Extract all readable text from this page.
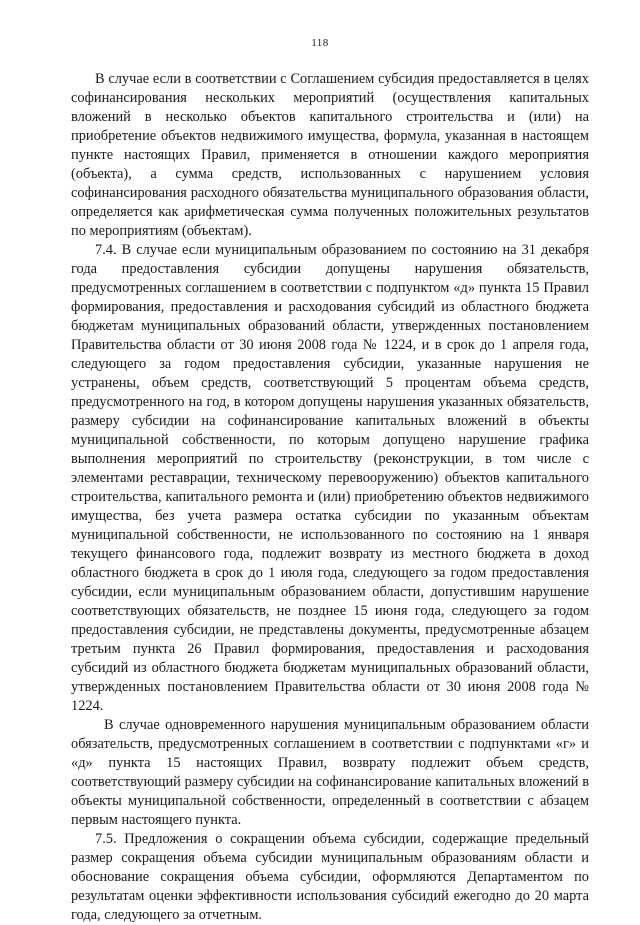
118

В случае если в соответствии с Соглашением субсидия предоставляется в целях софинансирования нескольких мероприятий (осуществления капитальных вложений в несколько объектов капитального строительства и (или) на приобретение объектов недвижимого имущества, формула, указанная в настоящем пункте настоящих Правил, применяется в отношении каждого мероприятия (объекта), а сумма средств, использованных с нарушением условия софинансирования расходного обязательства муниципального образования области, определяется как арифметическая сумма полученных положительных результатов по мероприятиям (объектам).

7.4. В случае если муниципальным образованием по состоянию на 31 декабря года предоставления субсидии допущены нарушения обязательств, предусмотренных соглашением в соответствии с подпунктом «д» пункта 15 Правил формирования, предоставления и расходования субсидий из областного бюджета бюджетам муниципальных образований области, утвержденных постановлением Правительства области от 30 июня 2008 года № 1224, и в срок до 1 апреля года, следующего за годом предоставления субсидии, указанные нарушения не устранены, объем средств, соответствующий 5 процентам объема средств, предусмотренного на год, в котором допущены нарушения указанных обязательств, размеру субсидии на софинансирование капитальных вложений в объекты муниципальной собственности, по которым допущено нарушение графика выполнения мероприятий по строительству (реконструкции, в том числе с элементами реставрации, техническому перевооружению) объектов капитального строительства, капитального ремонта и (или) приобретению объектов недвижимого имущества, без учета размера остатка субсидии по указанным объектам муниципальной собственности, не использованного по состоянию на 1 января текущего финансового года, подлежит возврату из местного бюджета в доход областного бюджета в срок до 1 июля года, следующего за годом предоставления субсидии, если муниципальным образованием области, допустившим нарушение соответствующих обязательств, не позднее 15 июня года, следующего за годом предоставления субсидии, не представлены документы, предусмотренные абзацем третьим пункта 26 Правил формирования, предоставления и расходования субсидий из областного бюджета бюджетам муниципальных образований области, утвержденных постановлением Правительства области от 30 июня 2008 года № 1224.

В случае одновременного нарушения муниципальным образованием области обязательств, предусмотренных соглашением в соответствии с подпунктами «г» и «д» пункта 15 настоящих Правил, возврату подлежит объем средств, соответствующий размеру субсидии на софинансирование капитальных вложений в объекты муниципальной собственности, определенный в соответствии с абзацем первым настоящего пункта.

7.5. Предложения о сокращении объема субсидии, содержащие предельный размер сокращения объема субсидии муниципальным образованиям области и обоснование сокращения объема субсидии, оформляются Департаментом по результатам оценки эффективности использования субсидий ежегодно до 20 марта года, следующего за отчетным.
